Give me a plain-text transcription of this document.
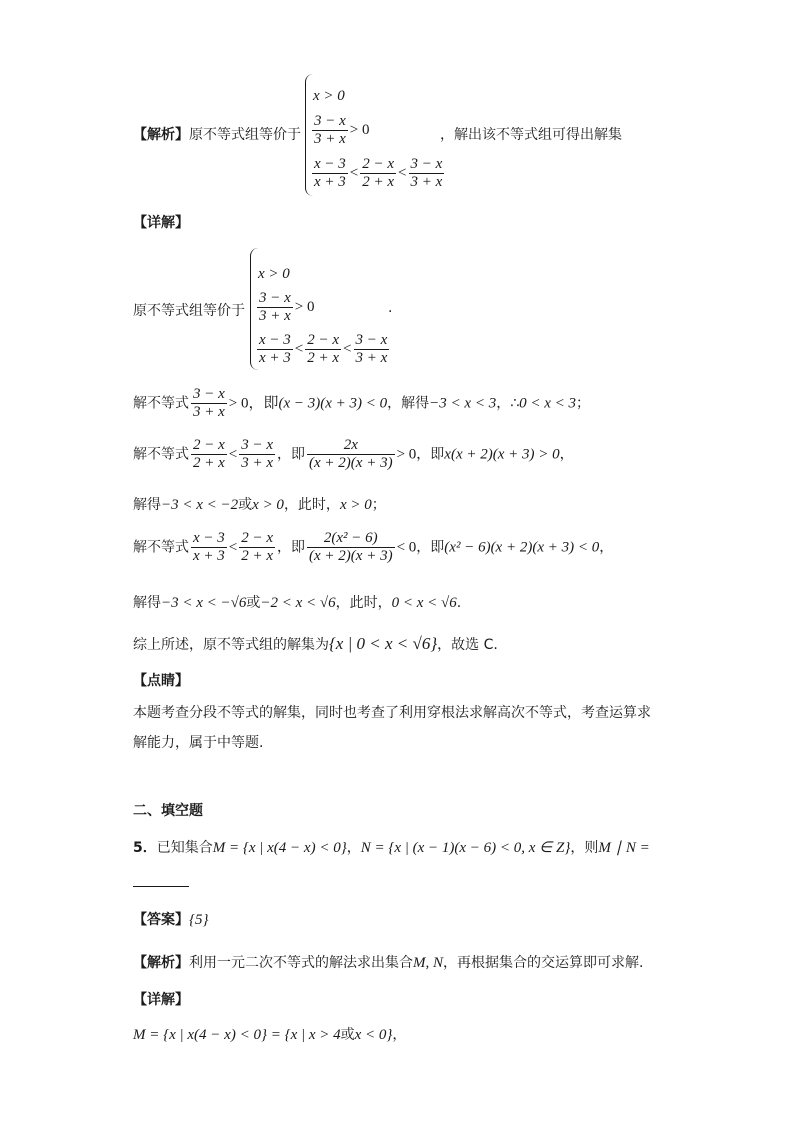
【解析】原不等式组等价于
x > 0
$\frac{3 - x}{3 + x} > 0$
$\frac{x - 3}{x + 3} < \frac{2 - x}{2 + x} < \frac{3 - x}{3 + x}$
，解出该不等式组可得出解集
【详解】
原不等式组等价于
x > 0
$\frac{3 - x}{3 + x} > 0$
$\frac{x - 3}{x + 3} < \frac{2 - x}{2 + x} < \frac{3 - x}{3 + x}$
.
解不等式 $\frac{3 - x}{3 + x} > 0$，即(x − 3)(x + 3) < 0，解得−3 < x < 3，∴0 < x < 3；
解不等式 $\frac{2 - x}{2 + x} < \frac{3 - x}{3 + x}$ ，即 $\frac{2x}{(x + 2)(x + 3)} > 0$，即x(x + 2)(x + 3) > 0，
解得−3 < x < −2或x > 0，此时，x > 0；
解不等式 $\frac{x - 3}{x + 3} < \frac{2 - x}{2 + x}$ ，即 $\frac{\text{2(x² − 6)}}{(x + 2)(x + 3)} < 0$，即(x² − 6)(x + 2)(x + 3) < 0，
解得−3 < x < −√6或−2 < x < √6，此时，0 < x < √6.
综上所述，原不等式组的解集为{x | 0 < x < √6}，故选 C.
【点睛】
本题考查分段不等式的解集，同时也考查了利用穿根法求解高次不等式，考查运算求解能力，属于中等题.
二、填空题
5．已知集合M = {x | x(4 − x) < 0}，N = {x | (x − 1)(x − 6) < 0, x ∈ Z}，则M ∣ N =
【答案】{5}
【解析】利用一元二次不等式的解法求出集合M, N，再根据集合的交运算即可求解.
【详解】
M = {x | x(4 − x) < 0} = {x | x > 4或x < 0}，
